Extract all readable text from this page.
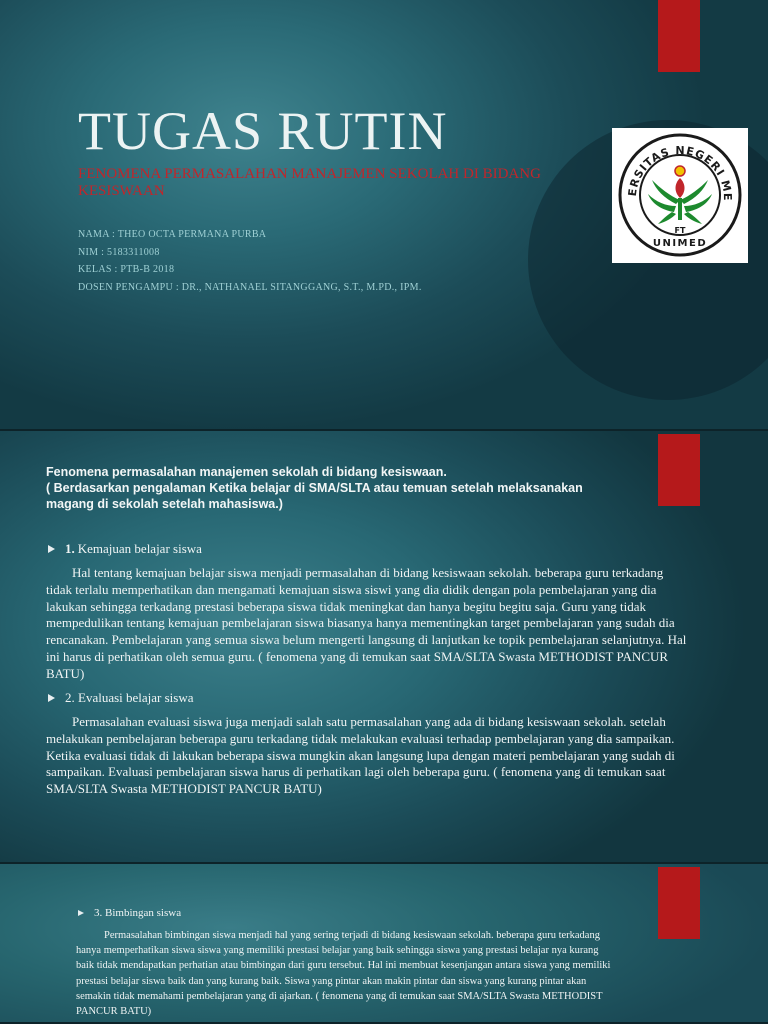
TUGAS RUTIN
FENOMENA PERMASALAHAN MANAJEMEN SEKOLAH DI BIDANG KESISWAAN
NAMA : THEO OCTA PERMANA PURBA
NIM : 5183311008
KELAS : PTB-B 2018
DOSEN PENGAMPU : DR., NATHANAEL SITANGGANG, S.T., M.PD., IPM.
ERSITAS NEGERI ME
FT
UNIMED
Fenomena permasalahan manajemen sekolah di bidang kesiswaan.
( Berdasarkan pengalaman Ketika belajar di SMA/SLTA atau temuan setelah melaksanakan
magang di sekolah setelah mahasiswa.)
1. Kemajuan belajar siswa
Hal tentang kemajuan belajar siswa menjadi permasalahan di bidang kesiswaan sekolah. beberapa guru terkadang tidak terlalu memperhatikan dan mengamati kemajuan siswa siswi yang dia didik dengan pola pembelajaran yang dia lakukan sehingga terkadang prestasi beberapa siswa tidak meningkat dan hanya begitu begitu saja. Guru yang tidak mempedulikan tentang kemajuan pembelajaran siswa biasanya hanya mementingkan target pembelajaran yang sudah dia rencanakan. Pembelajaran yang semua siswa belum mengerti langsung di lanjutkan ke topik pembelajaran selanjutnya. Hal ini harus di perhatikan oleh semua guru. ( fenomena yang di temukan saat SMA/SLTA Swasta METHODIST PANCUR BATU)
2. Evaluasi belajar siswa
Permasalahan evaluasi siswa juga menjadi salah satu permasalahan yang ada di bidang kesiswaan sekolah. setelah melakukan pembelajaran beberapa guru terkadang tidak melakukan evaluasi terhadap pembelajaran yang dia sampaikan. Ketika evaluasi tidak di lakukan beberapa siswa mungkin akan langsung lupa dengan materi pembelajaran yang sudah di sampaikan. Evaluasi pembelajaran siswa harus di perhatikan lagi oleh beberapa guru. ( fenomena yang di temukan saat SMA/SLTA Swasta METHODIST PANCUR BATU)
3. Bimbingan siswa
Permasalahan bimbingan siswa menjadi hal yang sering terjadi di bidang kesiswaan sekolah. beberapa guru terkadang hanya memperhatikan siswa siswa yang memiliki prestasi belajar yang baik sehingga siswa yang prestasi belajar nya kurang baik tidak mendapatkan perhatian atau bimbingan dari guru tersebut. Hal ini membuat kesenjangan antara siswa yang memiliki prestasi belajar siswa baik dan yang kurang baik. Siswa yang pintar akan makin pintar dan siswa yang kurang pintar akan semakin tidak memahami pembelajaran yang di ajarkan. ( fenomena yang di temukan saat SMA/SLTA Swasta METHODIST PANCUR BATU)
